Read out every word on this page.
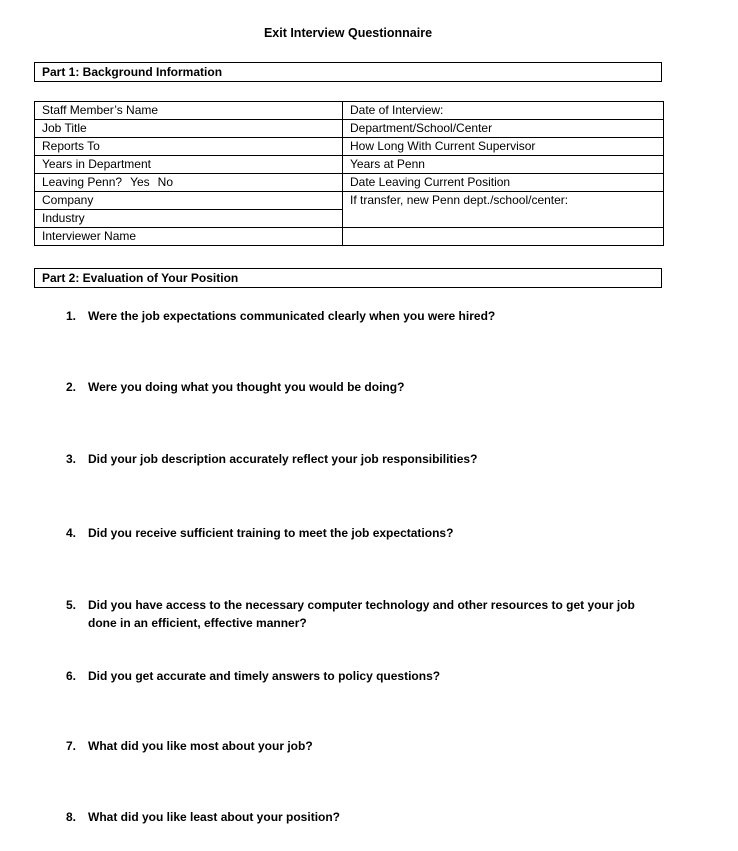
Exit Interview Questionnaire
Part 1: Background Information
Staff Member’s Name	Date of Interview:
Job Title	Department/School/Center
Reports To	How Long With Current Supervisor
Years in Department	Years at Penn
Leaving Penn? Yes No	Date Leaving Current Position
Company	If transfer, new Penn dept./school/center:
Industry	
Interviewer Name	
Part 2: Evaluation of Your Position
1. Were the job expectations communicated clearly when you were hired?
2. Were you doing what you thought you would be doing?
3. Did your job description accurately reflect your job responsibilities?
4. Did you receive sufficient training to meet the job expectations?
5. Did you have access to the necessary computer technology and other resources to get your job done in an efficient, effective manner?
6. Did you get accurate and timely answers to policy questions?
7. What did you like most about your job?
8. What did you like least about your position?
